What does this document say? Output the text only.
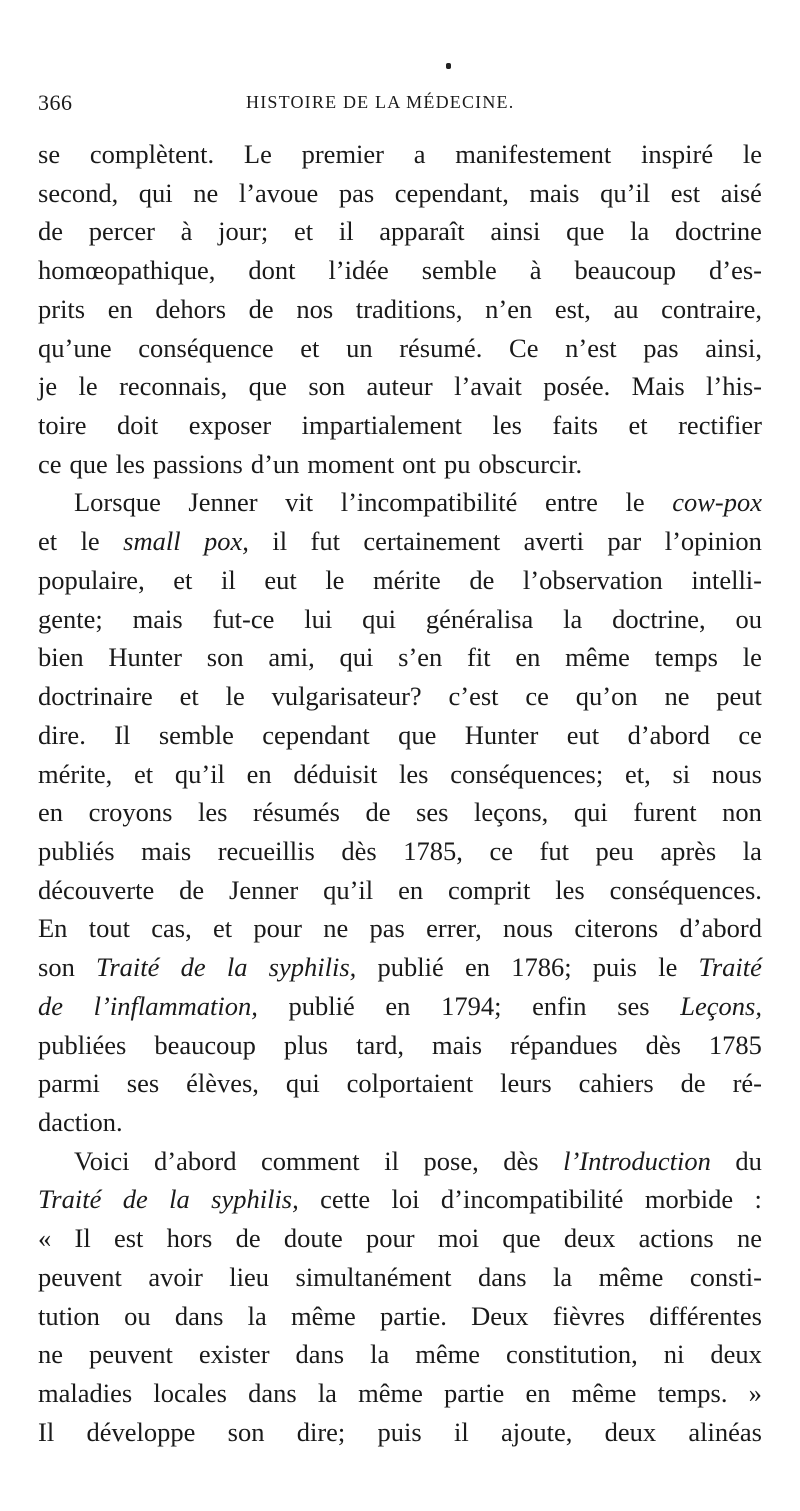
366	HISTOIRE DE LA MÉDECINE.
se complètent. Le premier a manifestement inspiré le
second, qui ne l’avoue pas cependant, mais qu’il est aisé
de percer à jour; et il apparaît ainsi que la doctrine
homœopathique, dont l’idée semble à beaucoup d’es-
prits en dehors de nos traditions, n’en est, au contraire,
qu’une conséquence et un résumé. Ce n’est pas ainsi,
je le reconnais, que son auteur l’avait posée. Mais l’his-
toire doit exposer impartialement les faits et rectifier
ce que les passions d’un moment ont pu obscurcir.
Lorsque Jenner vit l’incompatibilité entre le cow-pox
et le small pox, il fut certainement averti par l’opinion
populaire, et il eut le mérite de l’observation intelli-
gente; mais fut-ce lui qui généralisa la doctrine, ou
bien Hunter son ami, qui s’en fit en même temps le
doctrinaire et le vulgarisateur? c’est ce qu’on ne peut
dire. Il semble cependant que Hunter eut d’abord ce
mérite, et qu’il en déduisit les conséquences; et, si nous
en croyons les résumés de ses leçons, qui furent non
publiés mais recueillis dès 1785, ce fut peu après la
découverte de Jenner qu’il en comprit les conséquences.
En tout cas, et pour ne pas errer, nous citerons d’abord
son Traité de la syphilis, publié en 1786; puis le Traité
de l’inflammation, publié en 1794; enfin ses Leçons,
publiées beaucoup plus tard, mais répandues dès 1785
parmi ses élèves, qui colportaient leurs cahiers de ré-
daction.
Voici d’abord comment il pose, dès l’Introduction du
Traité de la syphilis, cette loi d’incompatibilité morbide :
« Il est hors de doute pour moi que deux actions ne
peuvent avoir lieu simultanément dans la même consti-
tution ou dans la même partie. Deux fièvres différentes
ne peuvent exister dans la même constitution, ni deux
maladies locales dans la même partie en même temps. »
Il développe son dire; puis il ajoute, deux alinéas
